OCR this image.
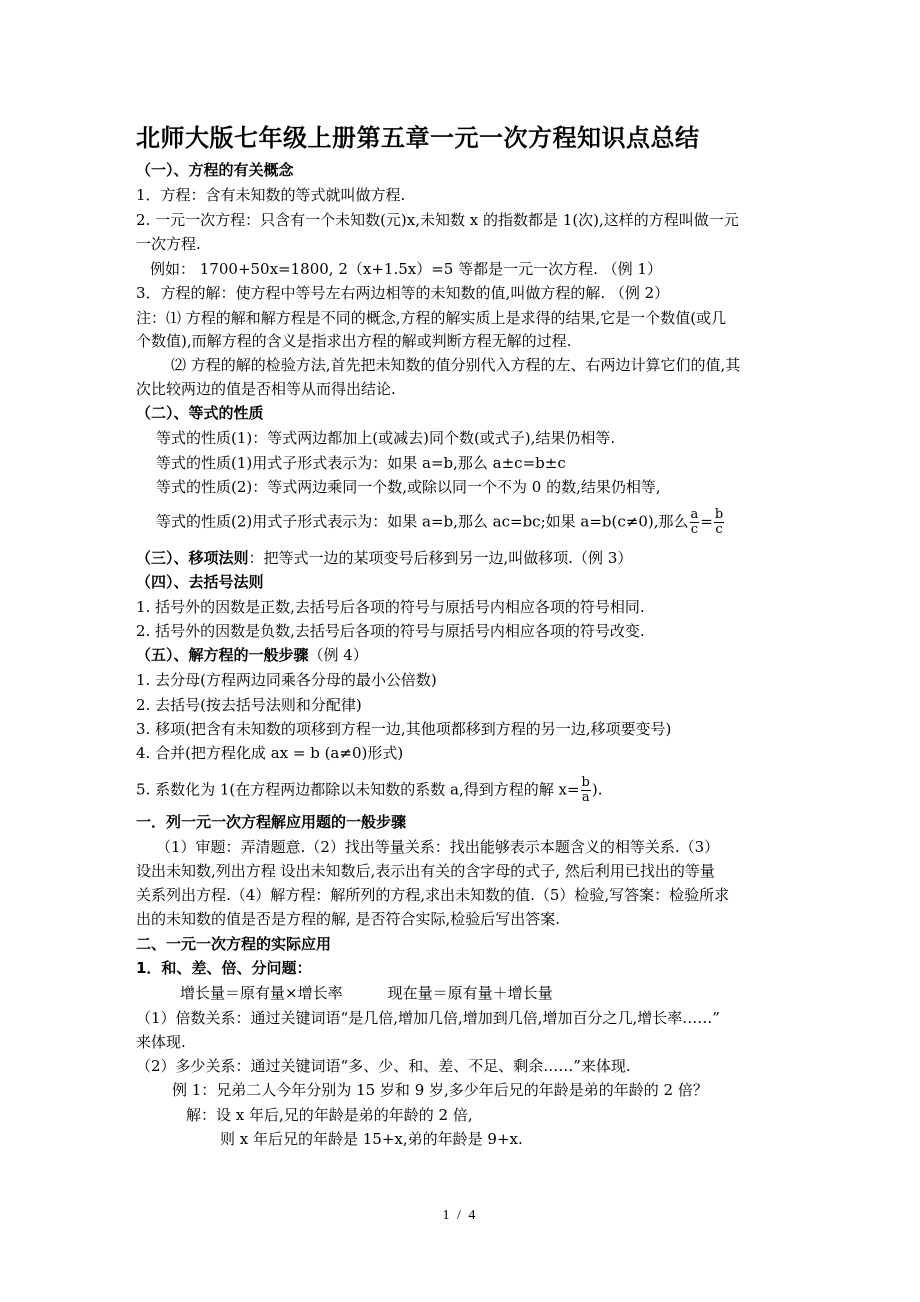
北师大版七年级上册第五章一元一次方程知识点总结
（一）、方程的有关概念
1．方程：含有未知数的等式就叫做方程.
2. 一元一次方程：只含有一个未知数(元)x,未知数 x 的指数都是 1(次),这样的方程叫做一元
一次方程.
例如： 1700+50x=1800, 2（x+1.5x）=5 等都是一元一次方程. （例 1）
3．方程的解：使方程中等号左右两边相等的未知数的值,叫做方程的解. （例 2）
注：⑴ 方程的解和解方程是不同的概念,方程的解实质上是求得的结果,它是一个数值(或几
个数值),而解方程的含义是指求出方程的解或判断方程无解的过程.
⑵ 方程的解的检验方法,首先把未知数的值分别代入方程的左、右两边计算它们的值,其
次比较两边的值是否相等从而得出结论.
（二）、等式的性质
等式的性质(1)：等式两边都加上(或减去)同个数(或式子),结果仍相等.
等式的性质(1)用式子形式表示为：如果 a=b,那么 a±c=b±c
等式的性质(2)：等式两边乘同一个数,或除以同一个不为 0 的数,结果仍相等,
等式的性质(2)用式子形式表示为：如果 a=b,那么 ac=bc;如果 a=b(c≠0),那么 $\frac{a}{c} = \frac{b}{c}$
（三）、移项法则：把等式一边的某项变号后移到另一边,叫做移项.（例 3）
（四）、去括号法则
1. 括号外的因数是正数,去括号后各项的符号与原括号内相应各项的符号相同.
2. 括号外的因数是负数,去括号后各项的符号与原括号内相应各项的符号改变.
（五）、解方程的一般步骤（例 4）
1. 去分母(方程两边同乘各分母的最小公倍数)
2. 去括号(按去括号法则和分配律)
3. 移项(把含有未知数的项移到方程一边,其他项都移到方程的另一边,移项要变号)
4. 合并(把方程化成 ax = b (a≠0)形式)
5. 系数化为 1(在方程两边都除以未知数的系数 a,得到方程的解 $x= \frac{b}{a}$ ).
一．列一元一次方程解应用题的一般步骤
（1）审题：弄清题意.（2）找出等量关系：找出能够表示本题含义的相等关系.（3）
设出未知数,列出方程 设出未知数后,表示出有关的含字母的式子, 然后利用已找出的等量
关系列出方程.（4）解方程：解所列的方程,求出未知数的值.（5）检验,写答案：检验所求
出的未知数的值是否是方程的解, 是否符合实际,检验后写出答案.
二、一元一次方程的实际应用
1．和、差、倍、分问题：
增长量＝原有量×增长率　　　现在量＝原有量＋增长量
（1）倍数关系：通过关键词语“是几倍,增加几倍,增加到几倍,增加百分之几,增长率……”
来体现.
（2）多少关系：通过关键词语“多、少、和、差、不足、剩余……”来体现.
例 1：兄弟二人今年分别为 15 岁和 9 岁,多少年后兄的年龄是弟的年龄的 2 倍？
解：设 x 年后,兄的年龄是弟的年龄的 2 倍,
则 x 年后兄的年龄是 15+x,弟的年龄是 9+x.
1 / 4
